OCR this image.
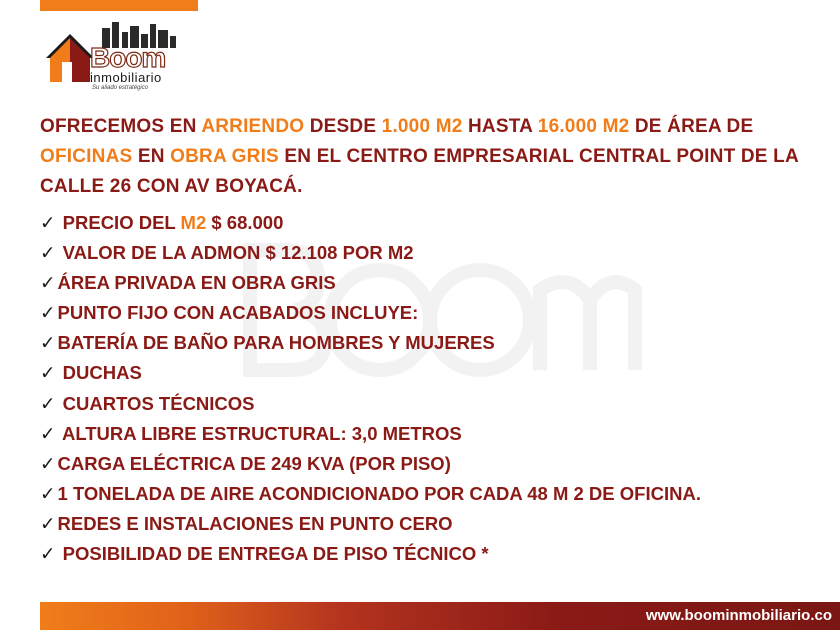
Boom
inmobiliario
Su aliado estratégico
OFRECEMOS EN ARRIENDO DESDE 1.000 M2 HASTA 16.000 M2 DE ÁREA DE OFICINAS EN OBRA GRIS EN EL CENTRO EMPRESARIAL CENTRAL POINT DE LA CALLE 26 CON AV BOYACÁ.
✓ PRECIO DEL M2 $ 68.000
✓ VALOR DE LA ADMON $ 12.108 POR M2
✓ ÁREA PRIVADA EN OBRA GRIS
✓ PUNTO FIJO CON ACABADOS INCLUYE:
✓ BATERÍA DE BAÑO PARA HOMBRES Y MUJERES
✓ DUCHAS
✓ CUARTOS TÉCNICOS
✓ ALTURA LIBRE ESTRUCTURAL: 3,0 METROS
✓ CARGA ELÉCTRICA DE 249 KVA (POR PISO)
✓ 1 TONELADA DE AIRE ACONDICIONADO POR CADA 48 M 2 DE OFICINA.
✓ REDES E INSTALACIONES EN PUNTO CERO
✓ POSIBILIDAD DE ENTREGA DE PISO TÉCNICO *
www.boominmobiliario.co
